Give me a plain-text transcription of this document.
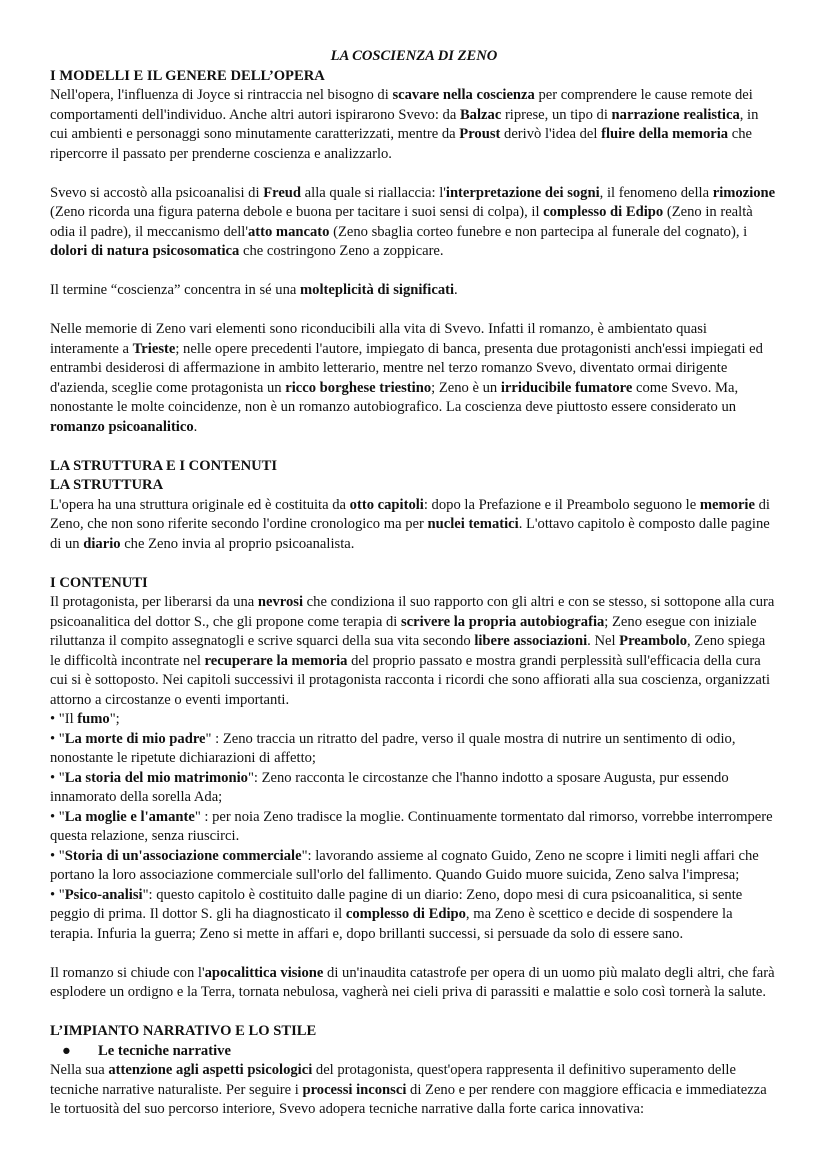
LA COSCIENZA DI ZENO

I MODELLI E IL GENERE DELL’OPERA

Nell'opera, l'influenza di Joyce si rintraccia nel bisogno di scavare nella coscienza per comprendere le cause remote dei comportamenti dell'individuo. Anche altri autori ispirarono Svevo: da Balzac riprese, un tipo di narrazione realistica, in cui ambienti e personaggi sono minutamente caratterizzati, mentre da Proust derivò l'idea del fluire della memoria che ripercorre il passato per prenderne coscienza e analizzarlo.

Svevo si accostò alla psicoanalisi di Freud alla quale si riallaccia: l'interpretazione dei sogni, il fenomeno della rimozione (Zeno ricorda una figura paterna debole e buona per tacitare i suoi sensi di colpa), il complesso di Edipo (Zeno in realtà odia il padre), il meccanismo dell'atto mancato (Zeno sbaglia corteo funebre e non partecipa al funerale del cognato), i dolori di natura psicosomatica che costringono Zeno a zoppicare.

Il termine “coscienza” concentra in sé una molteplicità di significati.

Nelle memorie di Zeno vari elementi sono riconducibili alla vita di Svevo. Infatti il romanzo, è ambientato quasi interamente a Trieste; nelle opere precedenti l'autore, impiegato di banca, presenta due protagonisti anch'essi impiegati ed entrambi desiderosi di affermazione in ambito letterario, mentre nel terzo romanzo Svevo, diventato ormai dirigente d'azienda, sceglie come protagonista un ricco borghese triestino; Zeno è un irriducibile fumatore come Svevo. Ma, nonostante le molte coincidenze, non è un romanzo autobiografico. La coscienza deve piuttosto essere considerato un romanzo psicoanalitico.

LA STRUTTURA E I CONTENUTI

LA STRUTTURA

L'opera ha una struttura originale ed è costituita da otto capitoli: dopo la Prefazione e il Preambolo seguono le memorie di Zeno, che non sono riferite secondo l'ordine cronologico ma per nuclei tematici. L'ottavo capitolo è composto dalle pagine di un diario che Zeno invia al proprio psicoanalista.

I CONTENUTI

Il protagonista, per liberarsi da una nevrosi che condiziona il suo rapporto con gli altri e con se stesso, si sottopone alla cura psicoanalitica del dottor S., che gli propone come terapia di scrivere la propria autobiografia; Zeno esegue con iniziale riluttanza il compito assegnatogli e scrive squarci della sua vita secondo libere associazioni. Nel Preambolo, Zeno spiega le difficoltà incontrate nel recuperare la memoria del proprio passato e mostra grandi perplessità sull'efficacia della cura cui si è sottoposto. Nei capitoli successivi il protagonista racconta i ricordi che sono affiorati alla sua coscienza, organizzati attorno a circostanze o eventi importanti.

• "Il fumo";

• "La morte di mio padre" : Zeno traccia un ritratto del padre, verso il quale mostra di nutrire un sentimento di odio, nonostante le ripetute dichiarazioni di affetto;

• "La storia del mio matrimonio": Zeno racconta le circostanze che l'hanno indotto a sposare Augusta, pur essendo innamorato della sorella Ada;

• "La moglie e l'amante" : per noia Zeno tradisce la moglie. Continuamente tormentato dal rimorso, vorrebbe interrompere questa relazione, senza riuscirci.

• "Storia di un'associazione commerciale": lavorando assieme al cognato Guido, Zeno ne scopre i limiti negli affari che portano la loro associazione commerciale sull'orlo del fallimento. Quando Guido muore suicida, Zeno salva l'impresa;

• "Psico-analisi": questo capitolo è costituito dalle pagine di un diario: Zeno, dopo mesi di cura psicoanalitica, si sente peggio di prima. Il dottor S. gli ha diagnosticato il complesso di Edipo, ma Zeno è scettico e decide di sospendere la terapia. Infuria la guerra; Zeno si mette in affari e, dopo brillanti successi, si persuade da solo di essere sano.

Il romanzo si chiude con l'apocalittica visione di un'inaudita catastrofe per opera di un uomo più malato degli altri, che farà esplodere un ordigno e la Terra, tornata nebulosa, vagherà nei cieli priva di parassiti e malattie e solo così tornerà la salute.

L’IMPIANTO NARRATIVO E LO STILE

● Le tecniche narrative

Nella sua attenzione agli aspetti psicologici del protagonista, quest'opera rappresenta il definitivo superamento delle tecniche narrative naturaliste. Per seguire i processi inconsci di Zeno e per rendere con maggiore efficacia e immediatezza le tortuosità del suo percorso interiore, Svevo adopera tecniche narrative dalla forte carica innovativa:
